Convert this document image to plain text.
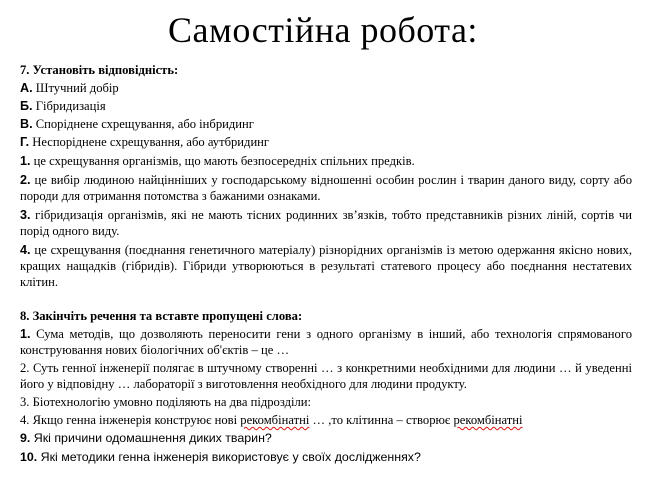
Самостійна робота:

7. Установіть відповідність:

А. Штучний добір

Б. Гібридизація

В. Споріднене схрещування, або інбридинг

Г. Неспоріднене схрещування, або аутбридинг

1. це схрещування організмів, що мають безпосередніх спільних предків.

2. це вибір людиною найцінніших у господарському відношенні особин рослин і тварин даного виду, сорту або породи для отримання потомства з бажаними ознаками.

3. гібридизація організмів, які не мають тісних родинних зв’язків, тобто представників різних ліній, сортів чи порід одного виду.

4. це схрещування (поєднання генетичного матеріалу) різнорідних організмів із метою одержання якісно нових, кращих нащадків (гібридів). Гібриди утворюються в результаті статевого процесу або поєднання нестатевих клітин.

8. Закінчіть речення та вставте пропущені слова:

1. Сума методів, що дозволяють переносити гени з одного організму в інший, або технологія спрямованого конструювання нових біологічних об'єктів – це …

2. Суть генної інженерії полягає в штучному створенні … з конкретними необхідними для людини … й уведенні його у відповідну … лабораторії з виготовлення необхідного для людини продукту.

3. Біотехнологію умовно поділяють на два підрозділи:

4. Якщо генна інженерія конструює нові рекомбінатні … ,то клітинна – створює рекомбінатні

9. Які причини одомашнення диких тварин?

10. Які методики генна інженерія використовує у своїх дослідженнях?
